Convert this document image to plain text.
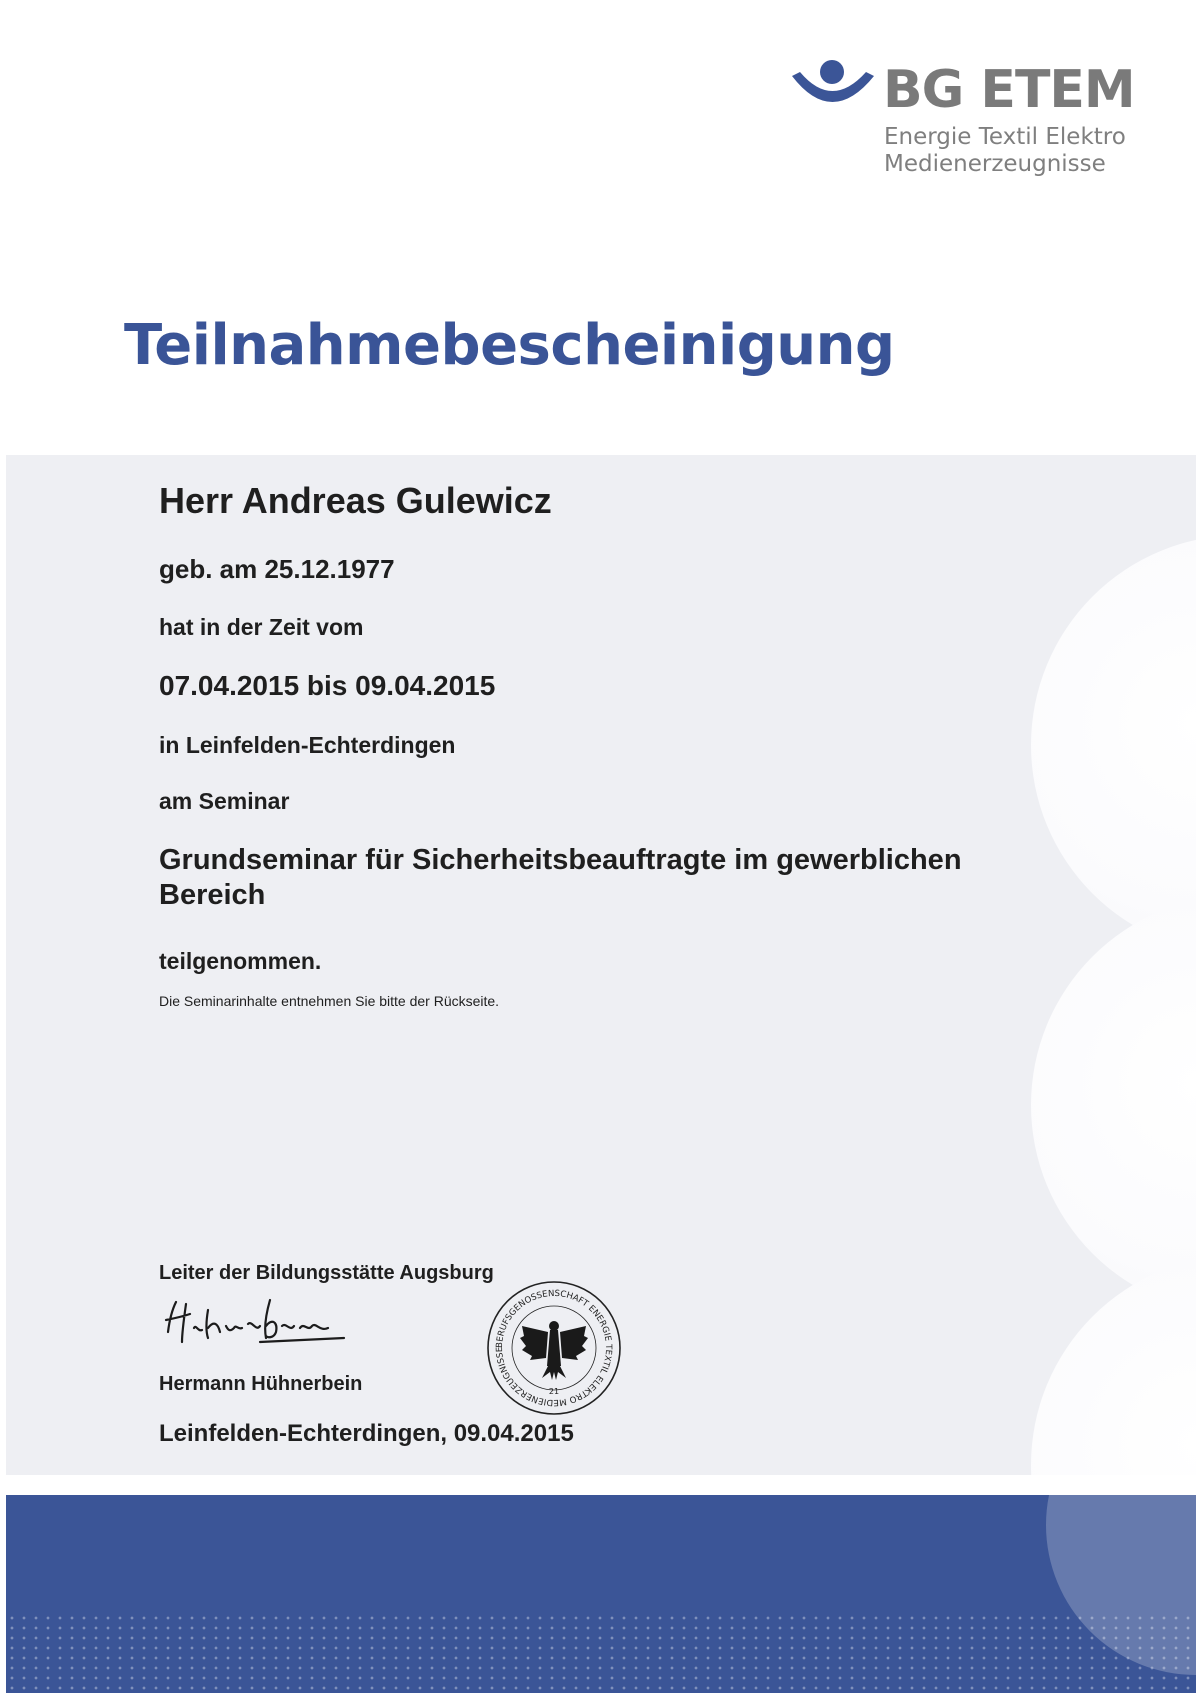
BG ETEM
Energie Textil Elektro
Medienerzeugnisse
Teilnahmebescheinigung
Herr Andreas Gulewicz
geb. am 25.12.1977
hat in der Zeit vom
07.04.2015 bis 09.04.2015
in Leinfelden-Echterdingen
am Seminar
Grundseminar für Sicherheitsbeauftragte im gewerblichen Bereich
teilgenommen.
Die Seminarinhalte entnehmen Sie bitte der Rückseite.
Leiter der Bildungsstätte Augsburg
Hermann Hühnerbein
Leinfelden-Echterdingen, 09.04.2015
BERUFSGENOSSENSCHAFT ENERGIE TEXTIL ELEKTRO MEDIENERZEUGNISSE
21
